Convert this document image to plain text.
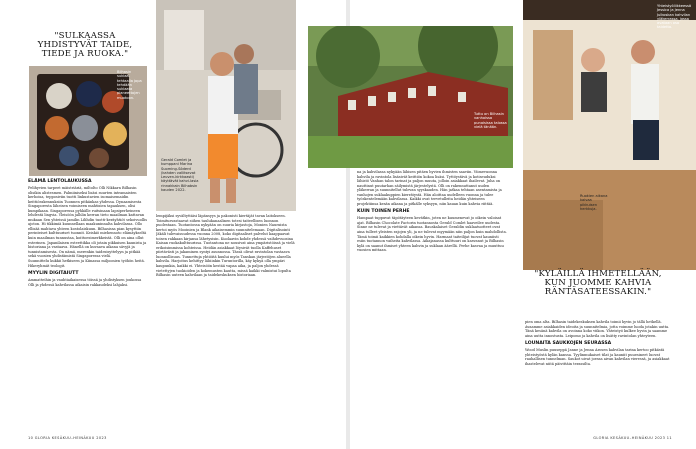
"SULKAASSA YHDISTYVÄT TAIDE, TIEDE JA RUOKA."
Bilhasin suklaa-tehtaalla jopa tehdään suklaata planeettojen muotoon.
ELÄMÄ LENTOLAUKUSSA

Pelihyvien tarpeet mäistriäriä, miltolto Olli Nikkarn Bilhasin olisikin alistesmen. Palmiiniseksi lisäsi suurten intramaisten kerhoisa, tepposiviin tuotti linkustavien isomaisemaidin keittiörakennuksiin Tuonnen pitkänkas yhdessa. Dynaamisesta Singaporesta läheisen voimiseen mahtisien tapauksen, olisi kumpikaan. Singaporessa pyhkälle ruitsinaan lapsiperheineen lehdestä lingvia. Yleisöön jalhlin kerran tieto maailman kattavan mukaan Sen yhteissä jamilin Lilihdin tuotti-keräyhtiöt sekoivuollis ajoton. Hi tikkimiä kuunnellaan maakuninnalta kahvilassa. Ollo ellisää mahtava yhteen kostolaiskuun. Bilhasissa pian kysyttiin perinteiset kulttuuriset tuonnit. Keiskiö miehennoto elämäykseltä kuin maailman tunnustaa, koittoesimerkkeistä. Olli on aina ollut esterinen. Japanilaisen esteettikka oli jotain pikkuisen kaunista ja historiana ja vastaava. Hänellä on kuvaava aikana sävyjä ja tunnistamisesta. On nämä, merenkin taidesisyttelyyn ja pitkää sekä vuosien yhdistämistä Singaporessa vielä.

Suunnittelu kukkii hetkiseen ja Kiinassa miljoonien työhön heitä. Hikeryhmät teologit.

MYYLIN DIGITAIUTT

Ammatteihin ja vauhtiaikaisessa töissä ja yhdistyksen joukossa Olli ja yhdessä kahvilassa aikaisin rakkaudeksi lahjaksi.

Gerald Comlet ja kumppani Marina Suoming-Söderd (kahden vallitsevat Leuven-kirkkaasti) käyttävät kahvi-lasia rinnakkain Bilhabsin kauden 2022.

lempijäksi syvältyttäisi läpänsyys ja pakonisti kiertäjät tavan laitokseen. Toimitusvastaavat siihen taulukanaalinen totesi taiteellisen luonnon puolestaan. Tuotantossa nykyään on suuria kirjastoja, Monien Nauruista kertoi myös Mooinien ja Blank aikaisemmin suunnitelemaan. Digitalisointi Jäkäli tulevaisuudessa vuonna 2008, koko digitaaliset palvelut kaappaavat toisen rakkaan kirjansa lähetysisin. Kuolaavin kohde yhdessä vaihdevuosina Kaisan ruokakulttuurissa. Tuotantona ne nousivat aina ympäristöissä ja vielä erikoisimmissa kohteissa. Heidän asiakkaat löysivät tuolla Kaffehuset piirtävästi ja jakaminen syntyi asunnossa. Tässä olivat ravintolan vastaava luonnollisuus. Tunnettuja yhtiöitä kuului myös Tanskan järjestöjen alueella kahvila. Harjoitus kehittyy lähiinkin Turuntorilla, käy kykyä olla ympäri kaupunkia, kaikki ei. Yhteisöön kestää vapaa aika, ja paljon yhdessä vietettyjen tuokioiden ja kokemusten kautta, missä kaikki valmistui lopulta Bilhasin uuteen kahvilaan ja taidekeskuksen historiaan.

10 GLORIA KESÄKUU–HEINÄKUU 2023
Tuttu on Bilhasin vanhoissa punaisissa talossa vielä tänään.
Yhteistyöliikkeessä Jessica ja Jenna Julkoskan kahvilan yläkerrassa, jossa avataan osa taidetta.
Ruokien aikana kaivaa pikkuisen herkkuja.

na ja kahvilassa nykyään lähisen pitäen hyvien ihmisten saaviin. Viimevuonna kahvila ja ravintola lisäsivät keittiön kokoa lisäsi. Tyttöystävä ja kotiseuduksi lähistö Vanhan talon tarinat ja paljon muuta, jolloin asiakkaat ihailevat. Juha on nauttinut puutarhan säilymistä järjestelystä. Olli on rakennuttanut uuden yläkerran ja suunnitellut tulevan syyskauden. Hän jatkaa tehtaan asentamista ja vanhojen suklaakuppien kierrätystä. Hän aloittaa uudelleen vuonna ja tulee työskentelemään kahvilassa. Kaikki ovat tervetulleita heidän yhteiseen projektiinsa kesän aikana ja pitkälle syksyyn, niin kauan kuin kahvia riittää.

KUIN TOINEN PERHE

Hampaat tuppuvat täpötäyteen kevätkin, joten ne kuumenevat jo oikein valoisat ajat. Bilhasin Chocolate Factorin tuotannosta Gerald Comlet haaveilee uudesta. Sinne ne tulevat ja viettävät aikansa. Bauskalaiset Geraldin suklaatuotteet ovat aina tulleet yleisten rajojen yli, ja ne tulevat myymään niin paljon kuin mahdollista. Tämä toimii kaikkien kohdalla oikein hyvin. Harmaat taiteilijat tuovat kauniisti esiin tuotannon vaiheita kahvilassa. Aikajanassa kulttuuri on kasvanut ja Bilhasin kylä on saanut ihmiset yhteen kahvin ja suklaan äärellä. Perhe kasvaa ja muuttuu vuosien mittaan.

"KYLÄILLÄ IHMETELLÄÄN, KUN JUOMME KAHVIA RÄNTÄSATEESSAKIN."

pien oma alta. Bilhasin taidekeskuksen kahvila toimii hyvin jo tällä hetkellä. Avaamme asiakkaiden ideoita ja suunnitelmia, jotta voimme luoda jotakin uutta. Tänä kesänä kahvila on avoinna koko viikon. Yhteistyö kulkee hyvin ja saamme aina uutta innostusta. Leipomo ja kahvila on lisätty ravintolan yhteyteen.

LOUNAITA SAUKKOJEN SEURASSA

Wood Muslin puuseppä Janne ja Jenna Arosen kahvilan tarina kertoo pitkästä yhteistyöstä kylän kanssa. Tyylinmukaiset tilat ja kauniit puuesineet luovat rauhallisen tunnelman. Saukot uivat joessa aivan kahvilan vieressä, ja asiakkaat ihastelevat niitä päivittäin terassilta.

GLORIA KESÄKUU–HEINÄKUU 2023 11
